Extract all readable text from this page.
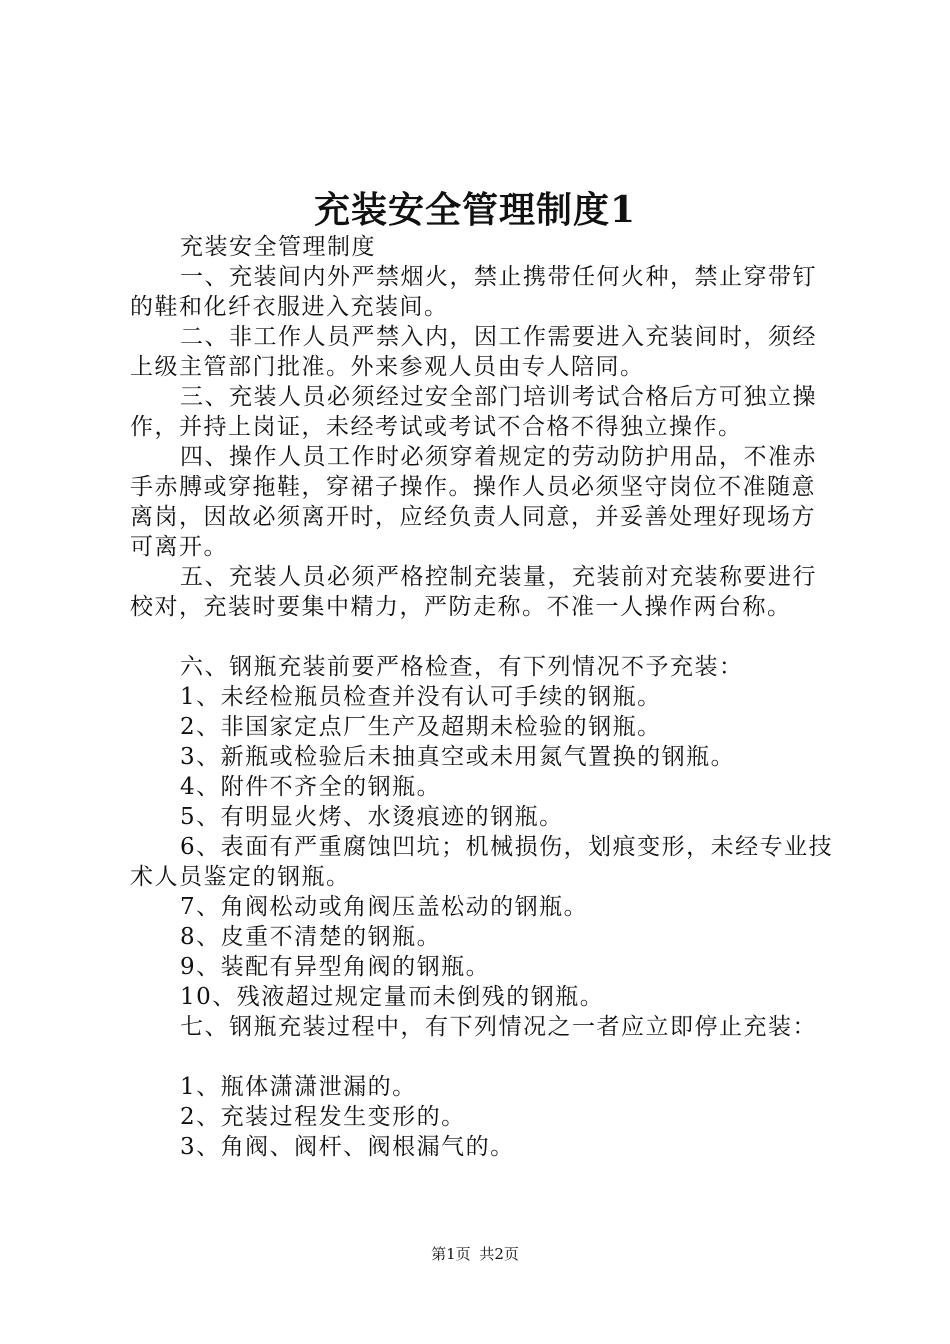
充装安全管理制度1

充装安全管理制度

一、充装间内外严禁烟火，禁止携带任何火种，禁止穿带钉的鞋和化纤衣服进入充装间。

二、非工作人员严禁入内，因工作需要进入充装间时，须经上级主管部门批准。外来参观人员由专人陪同。

三、充装人员必须经过安全部门培训考试合格后方可独立操作，并持上岗证，未经考试或考试不合格不得独立操作。

四、操作人员工作时必须穿着规定的劳动防护用品，不准赤手赤膊或穿拖鞋，穿裙子操作。操作人员必须坚守岗位不准随意离岗，因故必须离开时，应经负责人同意，并妥善处理好现场方可离开。

五、充装人员必须严格控制充装量，充装前对充装称要进行校对，充装时要集中精力，严防走称。不准一人操作两台称。

六、钢瓶充装前要严格检查，有下列情况不予充装：

1、未经检瓶员检查并没有认可手续的钢瓶。

2、非国家定点厂生产及超期未检验的钢瓶。

3、新瓶或检验后未抽真空或未用氮气置换的钢瓶。

4、附件不齐全的钢瓶。

5、有明显火烤、水烫痕迹的钢瓶。

6、表面有严重腐蚀凹坑；机械损伤，划痕变形，未经专业技术人员鉴定的钢瓶。

7、角阀松动或角阀压盖松动的钢瓶。

8、皮重不清楚的钢瓶。

9、装配有异型角阀的钢瓶。

10、残液超过规定量而未倒残的钢瓶。

七、钢瓶充装过程中，有下列情况之一者应立即停止充装：

1、瓶体潇潇泄漏的。

2、充装过程发生变形的。

3、角阀、阀杆、阀根漏气的。

第1页 共2页
